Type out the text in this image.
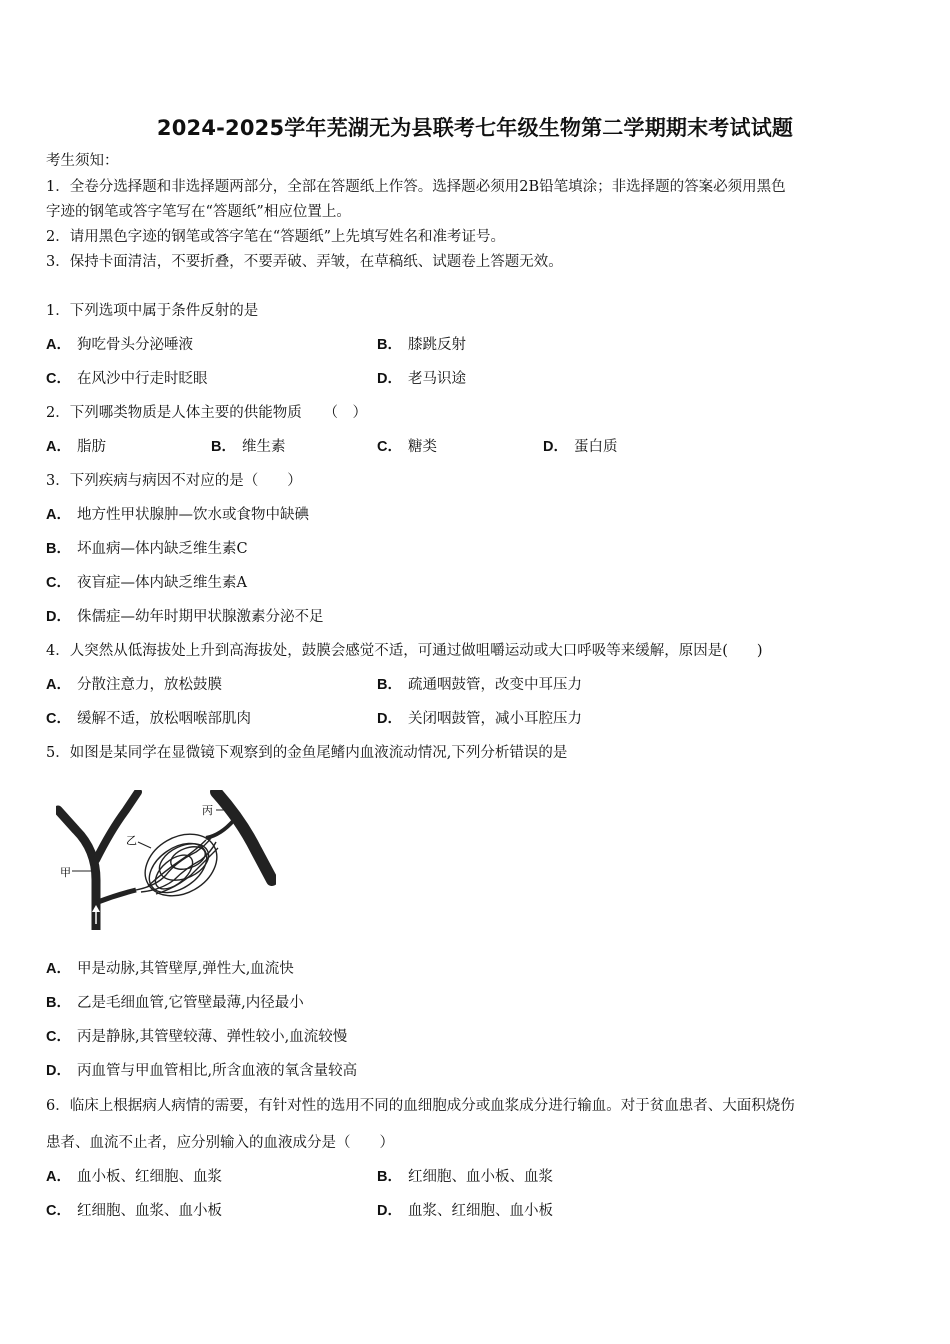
2024-2025学年芜湖无为县联考七年级生物第二学期期末考试试题
考生须知：
1．全卷分选择题和非选择题两部分，全部在答题纸上作答。选择题必须用2B铅笔填涂；非选择题的答案必须用黑色
字迹的钢笔或答字笔写在“答题纸”相应位置上。
2．请用黑色字迹的钢笔或答字笔在“答题纸”上先填写姓名和准考证号。
3．保持卡面清洁，不要折叠，不要弄破、弄皱，在草稿纸、试题卷上答题无效。
1．下列选项中属于条件反射的是
A． 狗吃骨头分泌唾液	B． 膝跳反射
C． 在风沙中行走时眨眼	D． 老马识途
2．下列哪类物质是人体主要的供能物质　　（　）
A． 脂肪	B． 维生素	C． 糖类	D． 蛋白质
3．下列疾病与病因不对应的是（　　）
A． 地方性甲状腺肿—饮水或食物中缺碘
B． 坏血病—体内缺乏维生素C
C． 夜盲症—体内缺乏维生素A
D． 侏儒症—幼年时期甲状腺激素分泌不足
4．人突然从低海拔处上升到高海拔处，鼓膜会感觉不适，可通过做咀嚼运动或大口呼吸等来缓解，原因是(　　)
A． 分散注意力，放松鼓膜	B． 疏通咽鼓管，改变中耳压力
C． 缓解不适，放松咽喉部肌肉	D． 关闭咽鼓管，减小耳腔压力
5．如图是某同学在显微镜下观察到的金鱼尾鳍内血液流动情况,下列分析错误的是
甲
乙
丙
A． 甲是动脉,其管壁厚,弹性大,血流快
B． 乙是毛细血管,它管壁最薄,内径最小
C． 丙是静脉,其管壁较薄、弹性较小,血流较慢
D． 丙血管与甲血管相比,所含血液的氧含量较高
6．临床上根据病人病情的需要，有针对性的选用不同的血细胞成分或血浆成分进行输血。对于贫血患者、大面积烧伤
患者、血流不止者，应分别输入的血液成分是（　　）
A． 血小板、红细胞、血浆	B． 红细胞、血小板、血浆
C． 红细胞、血浆、血小板	D． 血浆、红细胞、血小板
